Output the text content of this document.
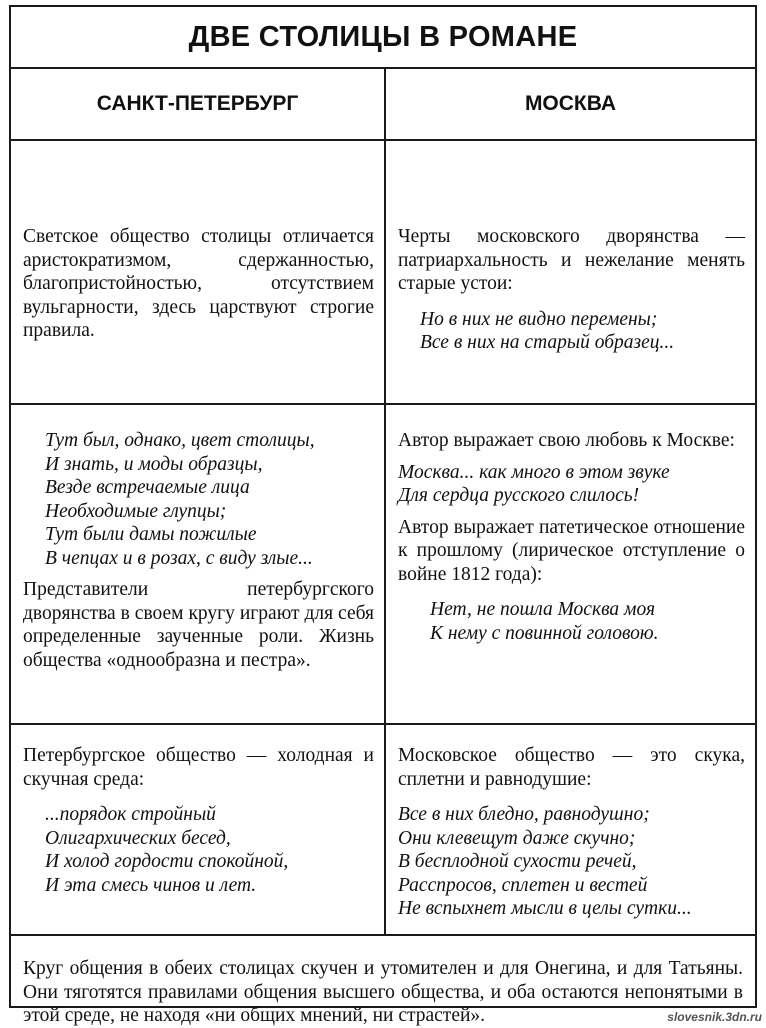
ДВЕ СТОЛИЦЫ В РОМАНЕ
САНКТ-ПЕТЕРБУРГ	МОСКВА
Светское общество столицы отличается аристократизмом, сдержанностью, благопристойностью, отсутствием вульгарности, здесь царствуют строгие правила.
Черты московского дворянства — патриархальность и нежелание менять старые устои:
Но в них не видно перемены;
Все в них на старый образец...
Тут был, однако, цвет столицы,
И знать, и моды образцы,
Везде встречаемые лица
Необходимые глупцы;
Тут были дамы пожилые
В чепцах и в розах, с виду злые...
Представители петербургского дворянства в своем кругу играют для себя определенные заученные роли. Жизнь общества «однообразна и пестра».
Автор выражает свою любовь к Москве:
Москва... как много в этом звуке
Для сердца русского слилось!
Автор выражает патетическое отношение к прошлому (лирическое отступление о войне 1812 года):
Нет, не пошла Москва моя
К нему с повинной головою.
Петербургское общество — холодная и скучная среда:
...порядок стройный
Олигархических бесед,
И холод гордости спокойной,
И эта смесь чинов и лет.
Московское общество — это скука, сплетни и равнодушие:
Все в них бледно, равнодушно;
Они клевещут даже скучно;
В бесплодной сухости речей,
Расспросов, сплетен и вестей
Не вспыхнет мысли в целы сутки...
Круг общения в обеих столицах скучен и утомителен и для Онегина, и для Татьяны. Они тяготятся правилами общения высшего общества, и оба остаются непонятыми в этой среде, не находя «ни общих мнений, ни страстей».	slovesnik.3dn.ru
